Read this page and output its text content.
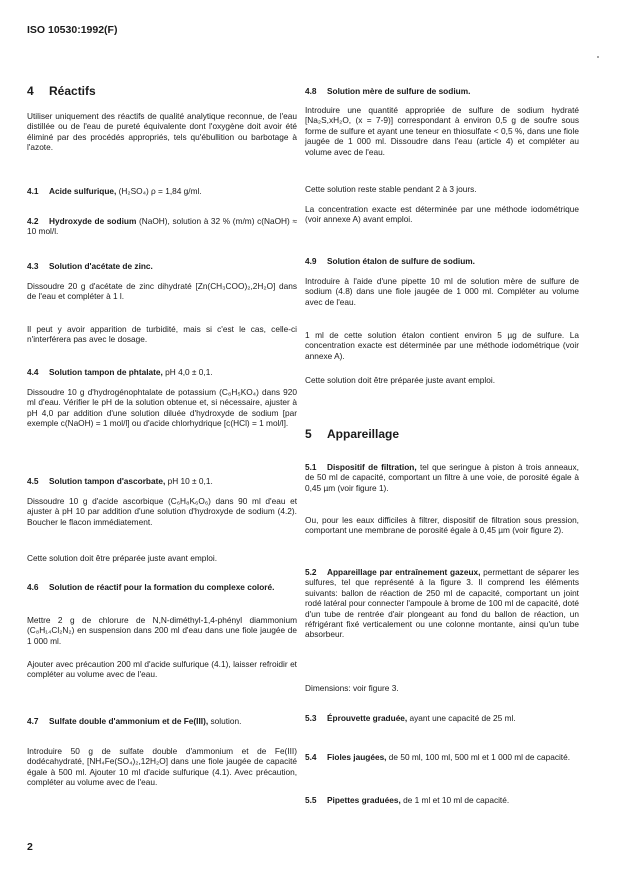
ISO 10530:1992(F)
4 Réactifs

Utiliser uniquement des réactifs de qualité analytique reconnue, de l'eau distillée ou de l'eau de pureté équivalente dont l'oxygène doit avoir été éliminé par des procédés appropriés, tels qu'ébullition ou barbotage à l'azote.

4.1 Acide sulfurique, (H₂SO₄) ρ = 1,84 g/ml.
4.2 Hydroxyde de sodium (NaOH), solution à 32 % (m/m) c(NaOH) ≈ 10 mol/l.
4.3 Solution d'acétate de zinc.

Dissoudre 20 g d'acétate de zinc dihydraté [Zn(CH₃COO)₂,2H₂O] dans de l'eau et compléter à 1 l.

Il peut y avoir apparition de turbidité, mais si c'est le cas, celle-ci n'interférera pas avec le dosage.

4.4 Solution tampon de phtalate, pH 4,0 ± 0,1.

Dissoudre 10 g d'hydrogénophtalate de potassium (C₈H₅KO₄) dans 920 ml d'eau. Vérifier le pH de la solution obtenue et, si nécessaire, ajuster à pH 4,0 par addition d'une solution diluée d'hydroxyde de sodium [par exemple c(NaOH) = 1 mol/l] ou d'acide chlorhydrique [c(HCl) = 1 mol/l].

4.5 Solution tampon d'ascorbate, pH 10 ± 0,1.

Dissoudre 10 g d'acide ascorbique (C₆H₈K₆O₆) dans 90 ml d'eau et ajuster à pH 10 par addition d'une solution d'hydroxyde de sodium (4.2). Boucher le flacon immédiatement.

Cette solution doit être préparée juste avant emploi.

4.6 Solution de réactif pour la formation du complexe coloré.

Mettre 2 g de chlorure de N,N-diméthyl-1,4-phényl diammonium (C₈H₁₄Cl₂N₂) en suspension dans 200 ml d'eau dans une fiole jaugée de 1 000 ml.

Ajouter avec précaution 200 ml d'acide sulfurique (4.1), laisser refroidir et compléter au volume avec de l'eau.

4.7 Sulfate double d'ammonium et de Fe(III), solution.

Introduire 50 g de sulfate double d'ammonium et de Fe(III) dodécahydraté, [NH₄Fe(SO₄)₂,12H₂O] dans une fiole jaugée de capacité égale à 500 ml. Ajouter 10 ml d'acide sulfurique (4.1). Avec précaution, compléter au volume avec de l'eau.

4.8 Solution mère de sulfure de sodium.

Introduire une quantité appropriée de sulfure de sodium hydraté [Na₂S,xH₂O, (x = 7-9)] correspondant à environ 0,5 g de soufre sous forme de sulfure et ayant une teneur en thiosulfate < 0,5 %, dans une fiole jaugée de 1 000 ml. Dissoudre dans l'eau (article 4) et compléter au volume avec de l'eau.

Cette solution reste stable pendant 2 à 3 jours.

La concentration exacte est déterminée par une méthode iodométrique (voir annexe A) avant emploi.

4.9 Solution étalon de sulfure de sodium.

Introduire à l'aide d'une pipette 10 ml de solution mère de sulfure de sodium (4.8) dans une fiole jaugée de 1 000 ml. Compléter au volume avec de l'eau.

1 ml de cette solution étalon contient environ 5 µg de sulfure. La concentration exacte est déterminée par une méthode iodométrique (voir annexe A).

Cette solution doit être préparée juste avant emploi.

5 Appareillage
5.1 Dispositif de filtration, tel que seringue à piston à trois anneaux, de 50 ml de capacité, comportant un filtre à une voie, de porosité égale à 0,45 µm (voir figure 1).

Ou, pour les eaux difficiles à filtrer, dispositif de filtration sous pression, comportant une membrane de porosité égale à 0,45 µm (voir figure 2).

5.2 Appareillage par entraînement gazeux, permettant de séparer les sulfures, tel que représenté à la figure 3. Il comprend les éléments suivants: ballon de réaction de 250 ml de capacité, comportant un joint rodé latéral pour connecter l'ampoule à brome de 100 ml de capacité, doté d'un tube de rentrée d'air plongeant au fond du ballon de réaction, un réfrigérant fixé verticalement ou une colonne montante, ainsi qu'un tube absorbeur.

Dimensions: voir figure 3.

5.3 Éprouvette graduée, ayant une capacité de 25 ml.
5.4 Fioles jaugées, de 50 ml, 100 ml, 500 ml et 1 000 ml de capacité.
5.5 Pipettes graduées, de 1 ml et 10 ml de capacité.
2
